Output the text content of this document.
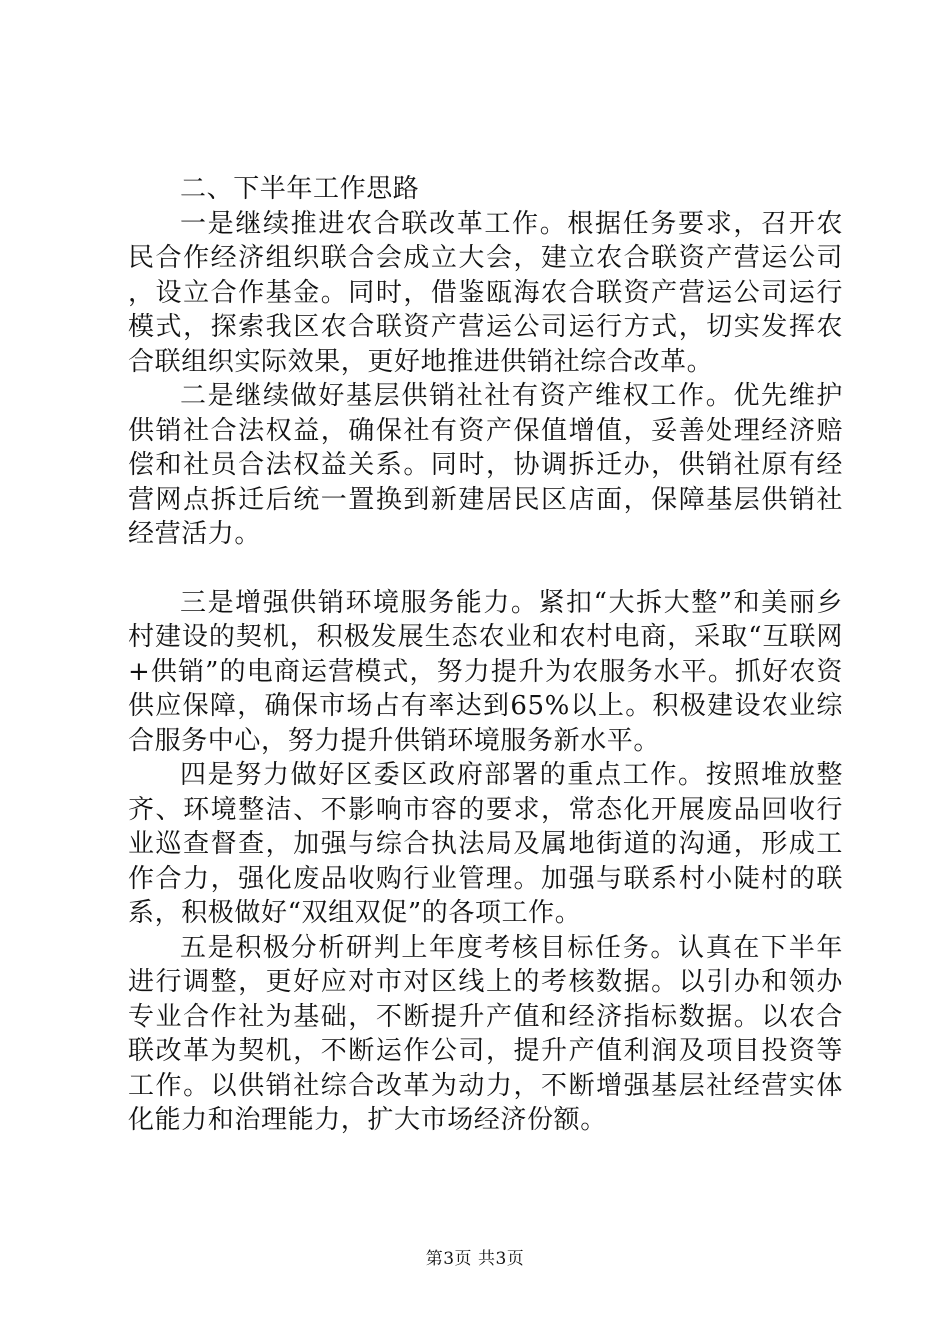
二、下半年工作思路

一是继续推进农合联改革工作。根据任务要求，召开农民合作经济组织联合会成立大会，建立农合联资产营运公司，设立合作基金。同时，借鉴瓯海农合联资产营运公司运行模式，探索我区农合联资产营运公司运行方式，切实发挥农合联组织实际效果，更好地推进供销社综合改革。

二是继续做好基层供销社社有资产维权工作。优先维护供销社合法权益，确保社有资产保值增值，妥善处理经济赔偿和社员合法权益关系。同时，协调拆迁办，供销社原有经营网点拆迁后统一置换到新建居民区店面，保障基层供销社经营活力。

三是增强供销环境服务能力。紧扣“大拆大整”和美丽乡村建设的契机，积极发展生态农业和农村电商，采取“互联网+供销”的电商运营模式，努力提升为农服务水平。抓好农资供应保障，确保市场占有率达到65%以上。积极建设农业综合服务中心，努力提升供销环境服务新水平。

四是努力做好区委区政府部署的重点工作。按照堆放整齐、环境整洁、不影响市容的要求，常态化开展废品回收行业巡查督查，加强与综合执法局及属地街道的沟通，形成工作合力，强化废品收购行业管理。加强与联系村小陡村的联系，积极做好“双组双促”的各项工作。

五是积极分析研判上年度考核目标任务。认真在下半年进行调整，更好应对市对区线上的考核数据。以引办和领办专业合作社为基础，不断提升产值和经济指标数据。以农合联改革为契机，不断运作公司，提升产值利润及项目投资等工作。以供销社综合改革为动力，不断增强基层社经营实体化能力和治理能力，扩大市场经济份额。

第3页 共3页
